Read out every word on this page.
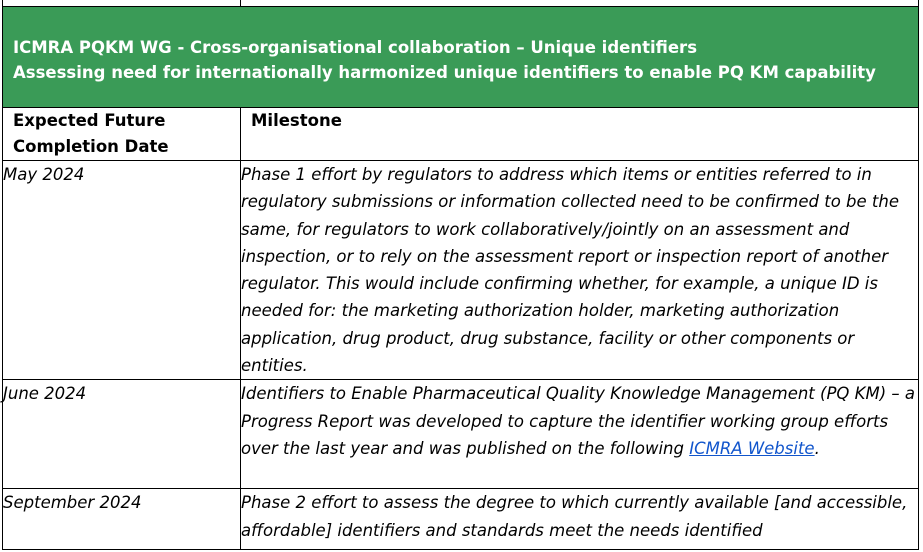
ICMRA PQKM WG - Cross-organisational collaboration – Unique identifiers
Assessing need for internationally harmonized unique identifiers to enable PQ KM capability	

Expected Future Completion Date	Milestone

May 2024	Phase 1 effort by regulators to address which items or entities referred to in regulatory submissions or information collected need to be confirmed to be the same, for regulators to work collaboratively/jointly on an assessment and inspection, or to rely on the assessment report or inspection report of another regulator. This would include confirming whether, for example, a unique ID is needed for: the marketing authorization holder, marketing authorization application, drug product, drug substance, facility or other components or entities.
June 2024	Identifiers to Enable Pharmaceutical Quality Knowledge Management (PQ KM) – a Progress Report was developed to capture the identifier working group efforts over the last year and was published on the following ICMRA Website.
September 2024	Phase 2 effort to assess the degree to which currently available [and accessible, affordable] identifiers and standards meet the needs identified
